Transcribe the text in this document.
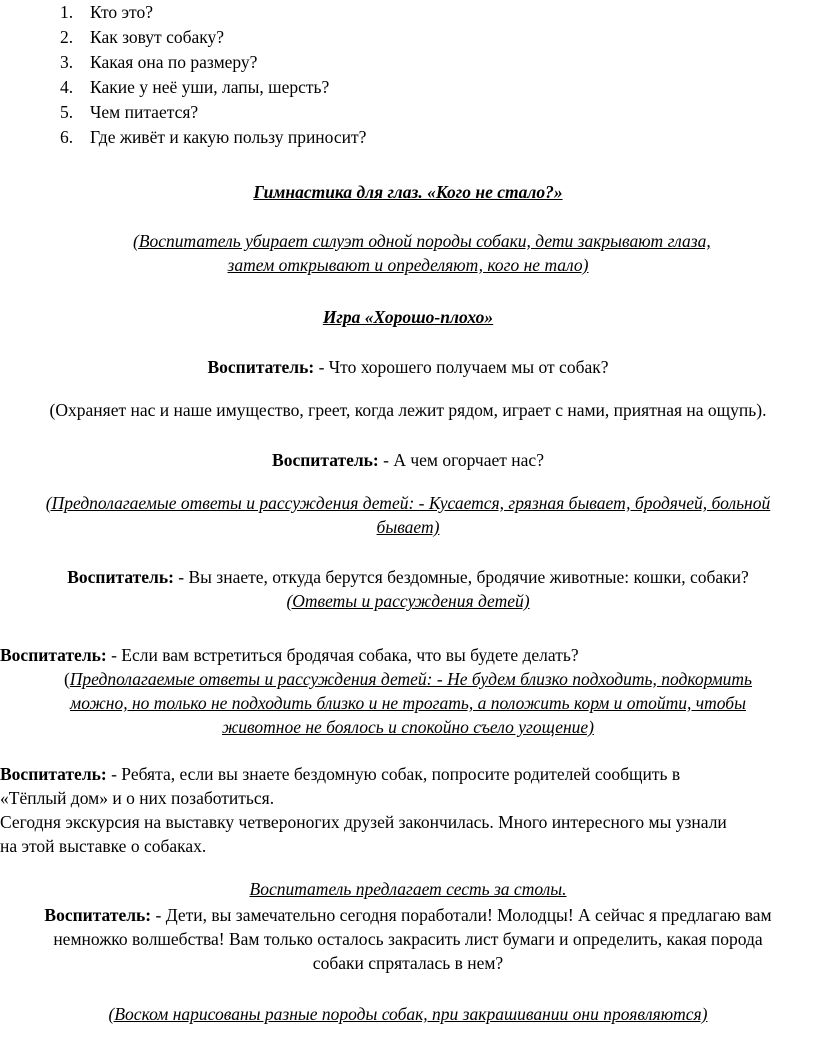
1. Кто это?
2. Как зовут собаку?
3. Какая она по размеру?
4. Какие у неё уши, лапы, шерсть?
5. Чем питается?
6. Где живёт и какую пользу приносит?
Гимнастика для глаз. «Кого не стало?»
(Воспитатель убирает силуэт одной породы собаки, дети закрывают глаза,
затем открывают и определяют, кого не тало)
Игра «Хорошо-плохо»
Воспитатель: - Что хорошего получаем мы от собак?
(Охраняет нас и наше имущество, греет, когда лежит рядом, играет с нами, приятная на ощупь).
Воспитатель: - А чем огорчает нас?
(Предполагаемые ответы и рассуждения детей: - Кусается, грязная бывает, бродячей, больной
бывает)
Воспитатель: - Вы знаете, откуда берутся бездомные, бродячие животные: кошки, собаки?
(Ответы и рассуждения детей)
Воспитатель: - Если вам встретиться бродячая собака, что вы будете делать?
(Предполагаемые ответы и рассуждения детей: - Не будем близко подходить, подкормить
можно, но только не подходить близко и не трогать, а положить корм и отойти, чтобы
животное не боялось и спокойно съело угощение)
Воспитатель: - Ребята, если вы знаете бездомную собак, попросите родителей сообщить в
«Тёплый дом» и о них позаботиться.
Сегодня экскурсия на выставку четвероногих друзей закончилась. Много интересного мы узнали
на этой выставке о собаках.
Воспитатель предлагает сесть за столы.
Воспитатель: - Дети, вы замечательно сегодня поработали! Молодцы! А сейчас я предлагаю вам
немножко волшебства! Вам только осталось закрасить лист бумаги и определить, какая порода
собаки спряталась в нем?
(Воском нарисованы разные породы собак, при закрашивании они проявляются)
